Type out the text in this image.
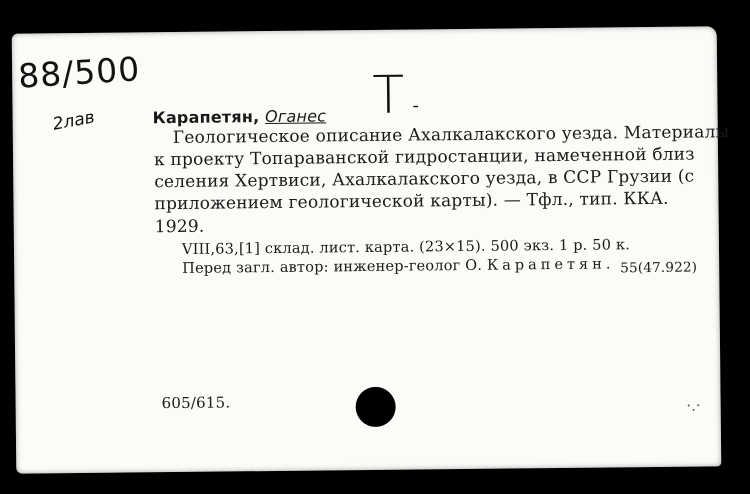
88/500
2лав	Т -
Карапетян, Оганес
Геологическое описание Ахалкалакского уезда. Материалы
к проекту Топараванской гидростанции, намеченной близ
селения Хертвиси, Ахалкалакского уезда, в ССР Грузии (с
приложением геологической карты). — Тфл., тип. ККА.
1929.
VIII,63,[1] склад. лист. карта. (23×15). 500 экз. 1 р. 50 к.
Перед загл. автор: инженер-геолог О. Карапетян. 55(47.922)
605/615.	·.·
